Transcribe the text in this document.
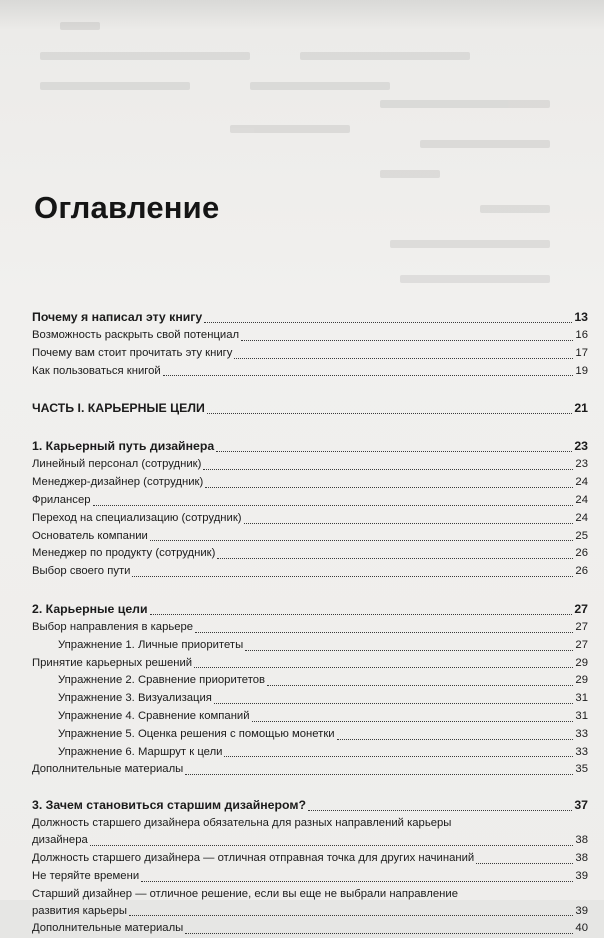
Оглавление
Почему я написал эту книгу	13
Возможность раскрыть свой потенциал	16
Почему вам стоит прочитать эту книгу	17
Как пользоваться книгой	19
ЧАСТЬ I. КАРЬЕРНЫЕ ЦЕЛИ	21
1. Карьерный путь дизайнера	23
Линейный персонал (сотрудник)	23
Менеджер-дизайнер (сотрудник)	24
Фрилансер	24
Переход на специализацию (сотрудник)	24
Основатель компании	25
Менеджер по продукту (сотрудник)	26
Выбор своего пути	26
2. Карьерные цели	27
Выбор направления в карьере	27
Упражнение 1. Личные приоритеты	27
Принятие карьерных решений	29
Упражнение 2. Сравнение приоритетов	29
Упражнение 3. Визуализация	31
Упражнение 4. Сравнение компаний	31
Упражнение 5. Оценка решения с помощью монетки	33
Упражнение 6. Маршрут к цели	33
Дополнительные материалы	35
3. Зачем становиться старшим дизайнером?	37
Должность старшего дизайнера обязательна для разных направлений карьеры
дизайнера	38
Должность старшего дизайнера — отличная отправная точка для других начинаний	38
Не теряйте времени	39
Старший дизайнер — отличное решение, если вы еще не выбрали направление
развития карьеры	39
Дополнительные материалы	40
